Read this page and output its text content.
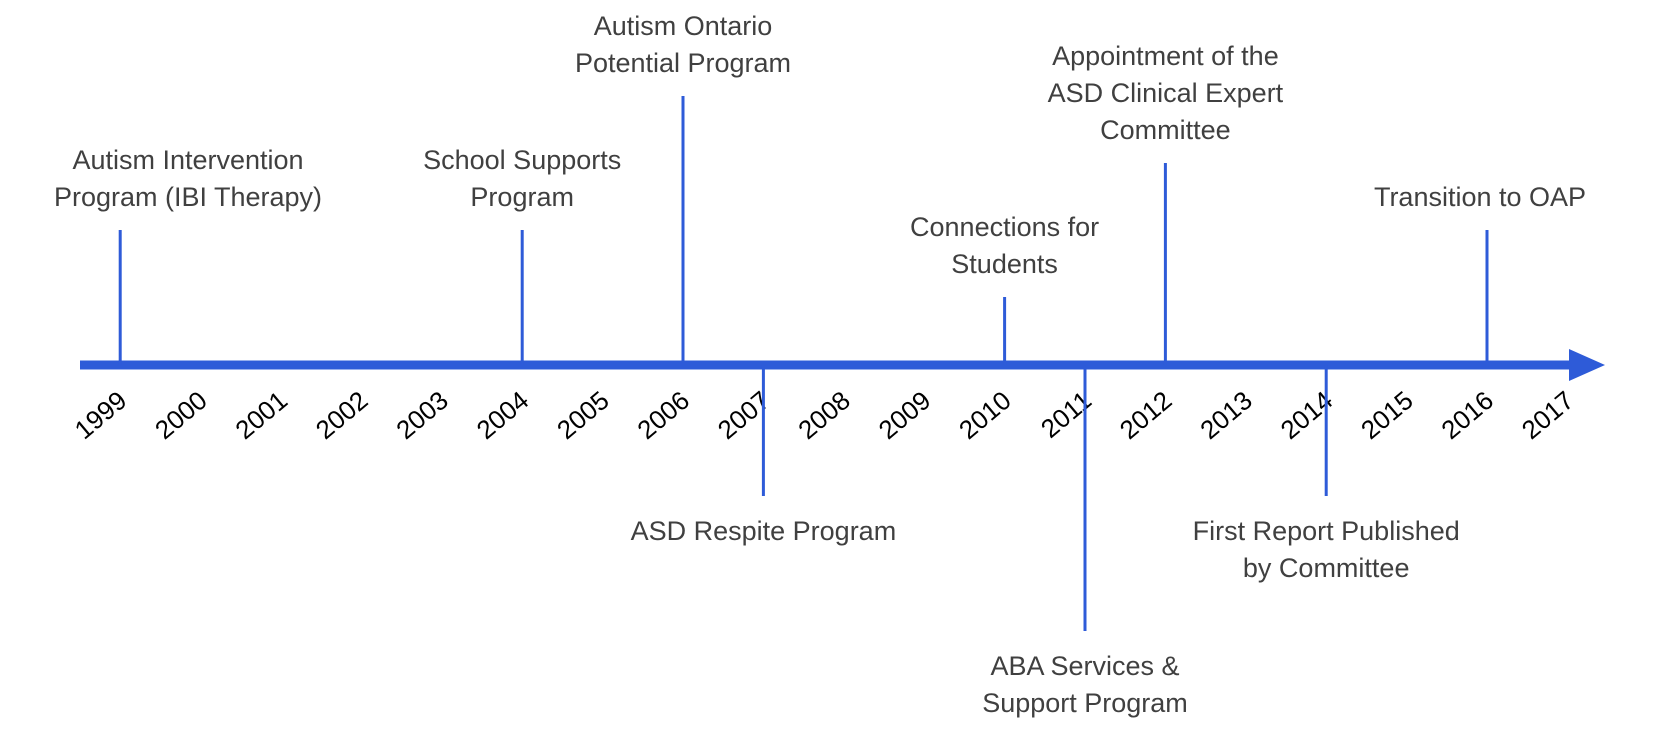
1999 2000 2001 2002 2003 2004 2005 2006 2007 2008 2009 2010 2011 2012 2013 2014 2015 2016 2017
Autism Intervention
Program (IBI Therapy)
School Supports
Program
Autism Ontario
Potential Program
ASD Respite Program
Connections for
Students
ABA Services &
Support Program
Appointment of the
ASD Clinical Expert
Committee
First Report Published
by Committee
Transition to OAP
